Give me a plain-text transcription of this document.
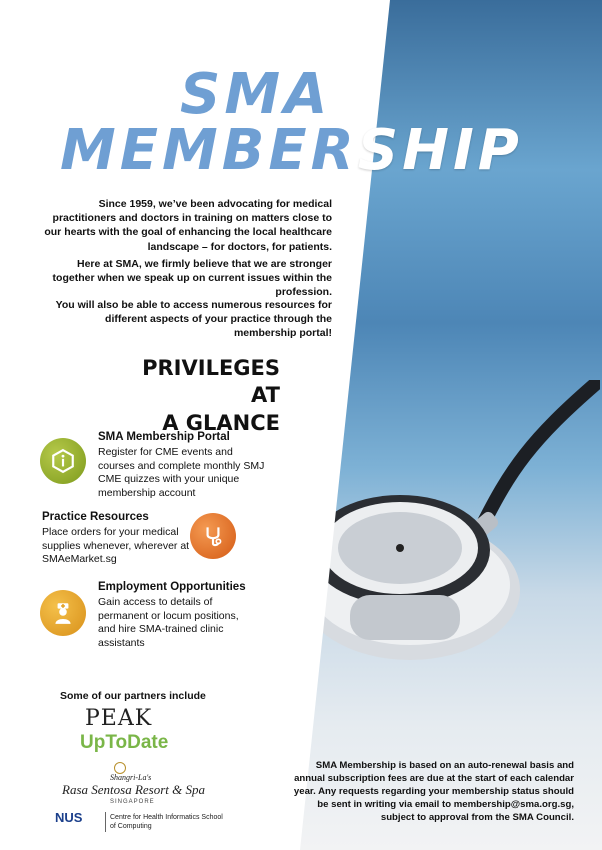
SMA
MEMBERSHIP

Since 1959, we’ve been advocating for medical practitioners and doctors in training on matters close to our hearts with the goal of enhancing the local healthcare landscape – for doctors, for patients.

Here at SMA, we firmly believe that we are stronger together when we speak up on current issues within the profession.

You will also be able to access numerous resources for different aspects of your practice through the membership portal!

PRIVILEGES AT
A GLANCE
SMA Membership Portal

Register for CME events and courses and complete monthly SMJ CME quizzes with your unique membership account

Practice Resources

Place orders for your medical supplies whenever, wherever at SMAeMarket.sg

Employment Opportunities

Gain access to details of permanent or locum positions, and hire SMA-trained clinic assistants

Some of our partners include
PEAK
UpToDate
Shangri-La's
Rasa Sentosa Resort & Spa
SINGAPORE
NUS	Centre for Health Informatics School of Computing
SMA Membership is based on an auto-renewal basis and annual subscription fees are due at the start of each calendar year. Any requests regarding your membership status should be sent in writing via email to membership@sma.org.sg, subject to approval from the SMA Council.
